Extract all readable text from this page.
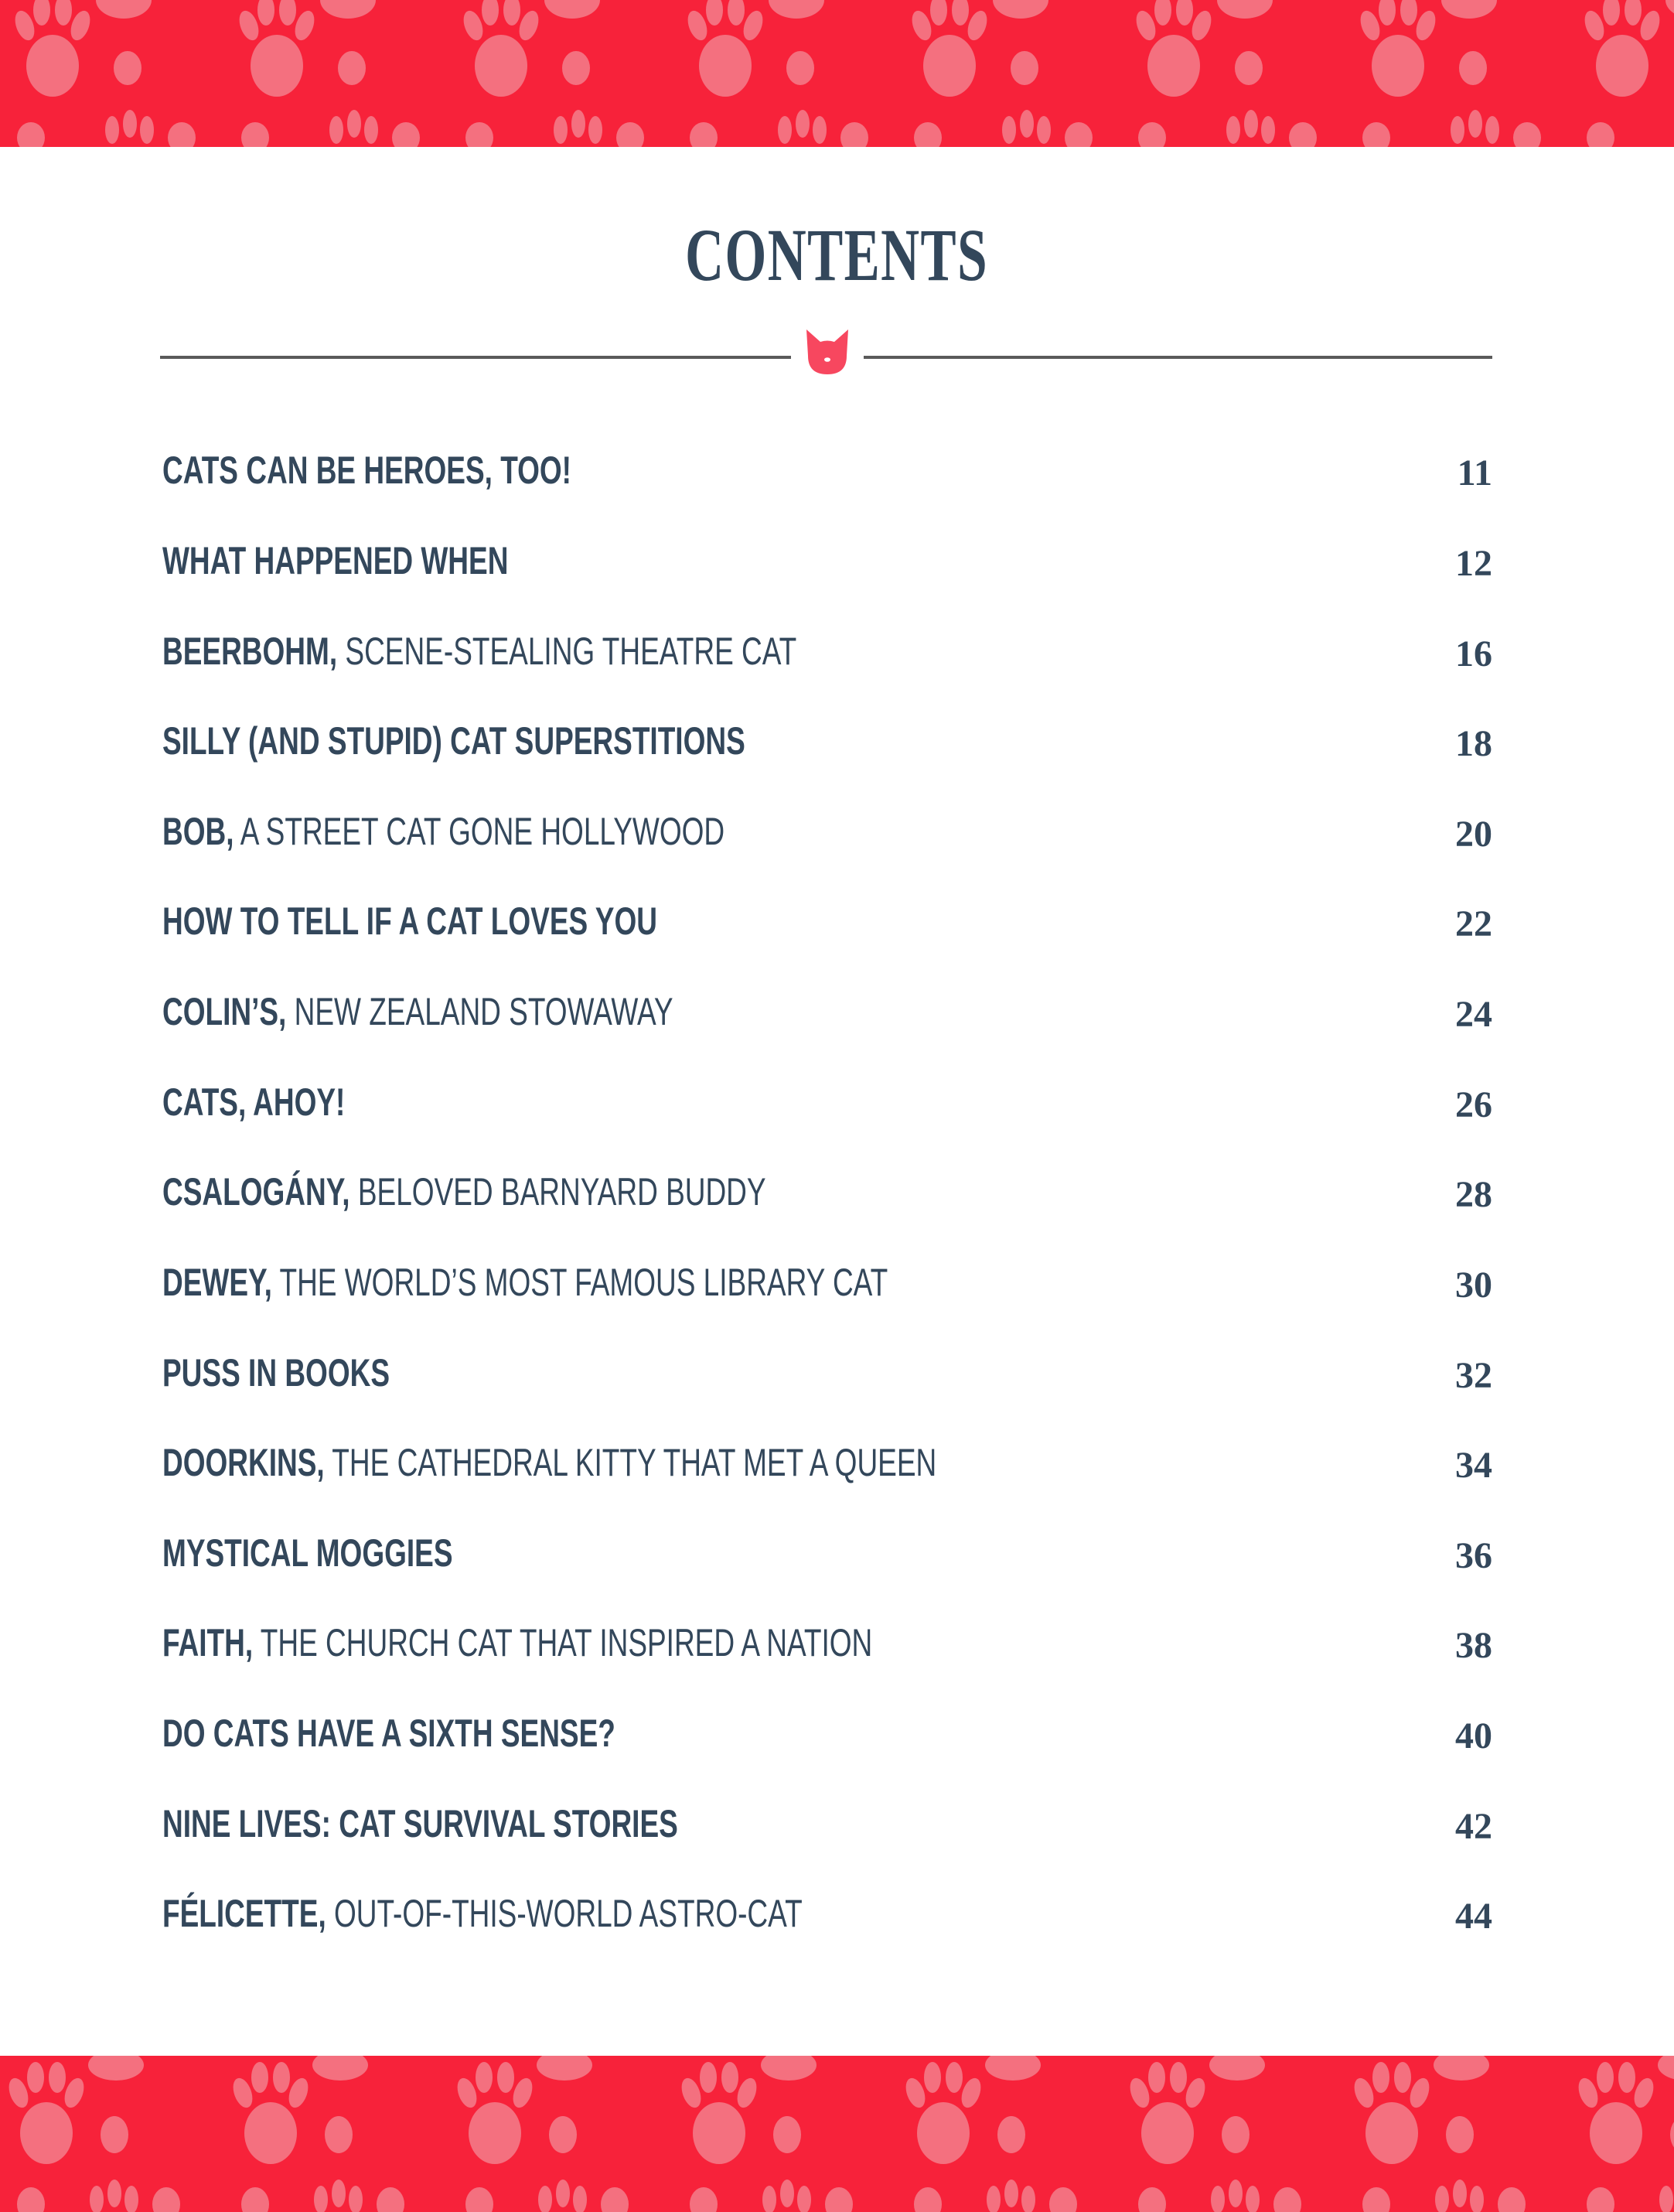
CONTENTS
CATS CAN BE HEROES, TOO!	11
WHAT HAPPENED WHEN	12
BEERBOHM, SCENE-STEALING THEATRE CAT	16
SILLY (AND STUPID) CAT SUPERSTITIONS	18
BOB, A STREET CAT GONE HOLLYWOOD	20
HOW TO TELL IF A CAT LOVES YOU	22
COLIN’S, NEW ZEALAND STOWAWAY	24
CATS, AHOY!	26
CSALOGÁNY, BELOVED BARNYARD BUDDY	28
DEWEY, THE WORLD’S MOST FAMOUS LIBRARY CAT	30
PUSS IN BOOKS	32
DOORKINS, THE CATHEDRAL KITTY THAT MET A QUEEN	34
MYSTICAL MOGGIES	36
FAITH, THE CHURCH CAT THAT INSPIRED A NATION	38
DO CATS HAVE A SIXTH SENSE?	40
NINE LIVES: CAT SURVIVAL STORIES	42
FÉLICETTE, OUT-OF-THIS-WORLD ASTRO-CAT	44
